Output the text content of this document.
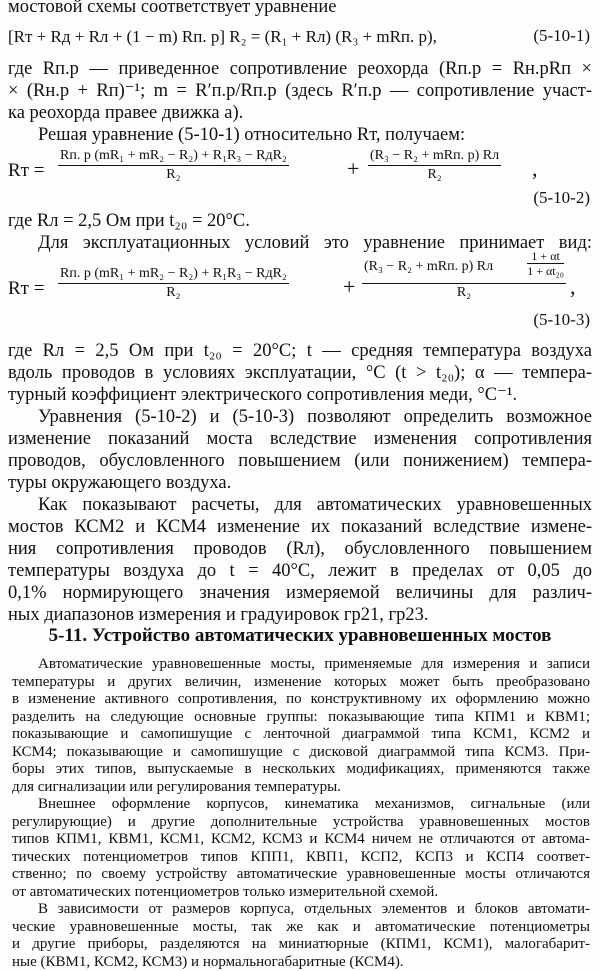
мостовой схемы соответствует уравнение
[Rт + Rд + Rл + (1 − m) Rп. р] R₂ = (R₁ + Rл) (R₃ + mRп. р),	(5-10-1)
где Rп.р — приведенное сопротивление реохорда (Rп.р = Rн.рRп ×
× (Rн.р + Rп)⁻¹; m = R′п.р/Rп.р (здесь R′п.р — сопротивление участ-
ка реохорда правее движка а).
Решая уравнение (5-10-1) относительно Rт, получаем:
Rт =
Rп. р (mR₁ + mR₂ − R₂) + R₁R₃ − RдR₂
R₂	+
(R₃ − R₂ + mRп. р) Rл
R₂	,
(5-10-2)
где Rл = 2,5 Ом при t₂₀ = 20°С.
Для эксплуатационных условий это уравнение принимает вид:
Rт =
Rп. р (mR₁ + mR₂ − R₂) + R₁R₃ − RдR₂
R₂	+
(R₃ − R₂ + mRп. р) Rл	$\frac{1 + \alpha t}{\text{1 + αt₂₀}}$
R₂	,
(5-10-3)
где Rл = 2,5 Ом при t₂₀ = 20°С; t — средняя температура воздуха
вдоль проводов в условиях эксплуатации, °С (t > t₂₀); α — темпера-
турный коэффициент электрического сопротивления меди, °С⁻¹.
Уравнения (5-10-2) и (5-10-3) позволяют определить возможное
изменение показаний моста вследствие изменения сопротивления
проводов, обусловленного повышением (или понижением) темпера-
туры окружающего воздуха.
Как показывают расчеты, для автоматических уравновешенных
мостов КСМ2 и КСМ4 изменение их показаний вследствие измене-
ния сопротивления проводов (Rл), обусловленного повышением
температуры воздуха до t = 40°С, лежит в пределах от 0,05 до
0,1% нормирующего значения измеряемой величины для различ-
ных диапазонов измерения и градуировок гр21, гр23.
5-11. Устройство автоматических уравновешенных мостов
Автоматические уравновешенные мосты, применяемые для измерения и записи
температуры и других величин, изменение которых может быть преобразовано
в изменение активного сопротивления, по конструктивному их оформлению можно
разделить на следующие основные группы: показывающие типа КПМ1 и КВМ1;
показывающие и самопишущие с ленточной диаграммой типа КСМ1, КСМ2 и
КСМ4; показывающие и самопишущие с дисковой диаграммой типа КСМ3. При-
боры этих типов, выпускаемые в нескольких модификациях, применяются также
для сигнализации или регулирования температуры.
Внешнее оформление корпусов, кинематика механизмов, сигнальные (или
регулирующие) и другие дополнительные устройства уравновешенных мостов
типов КПМ1, КВМ1, КСМ1, КСМ2, КСМ3 и КСМ4 ничем не отличаются от автома-
тических потенциометров типов КПП1, КВП1, КСП2, КСП3 и КСП4 соответ-
ственно; по своему устройству автоматические уравновешенные мосты отличаются
от автоматических потенциометров только измерительной схемой.
В зависимости от размеров корпуса, отдельных элементов и блоков автомати-
ческие уравновешенные мосты, так же как и автоматические потенциометры
и другие приборы, разделяются на миниатюрные (КПМ1, КСМ1), малогабарит-
ные (КВМ1, КСМ2, КСМ3) и нормальногабаритные (КСМ4).
